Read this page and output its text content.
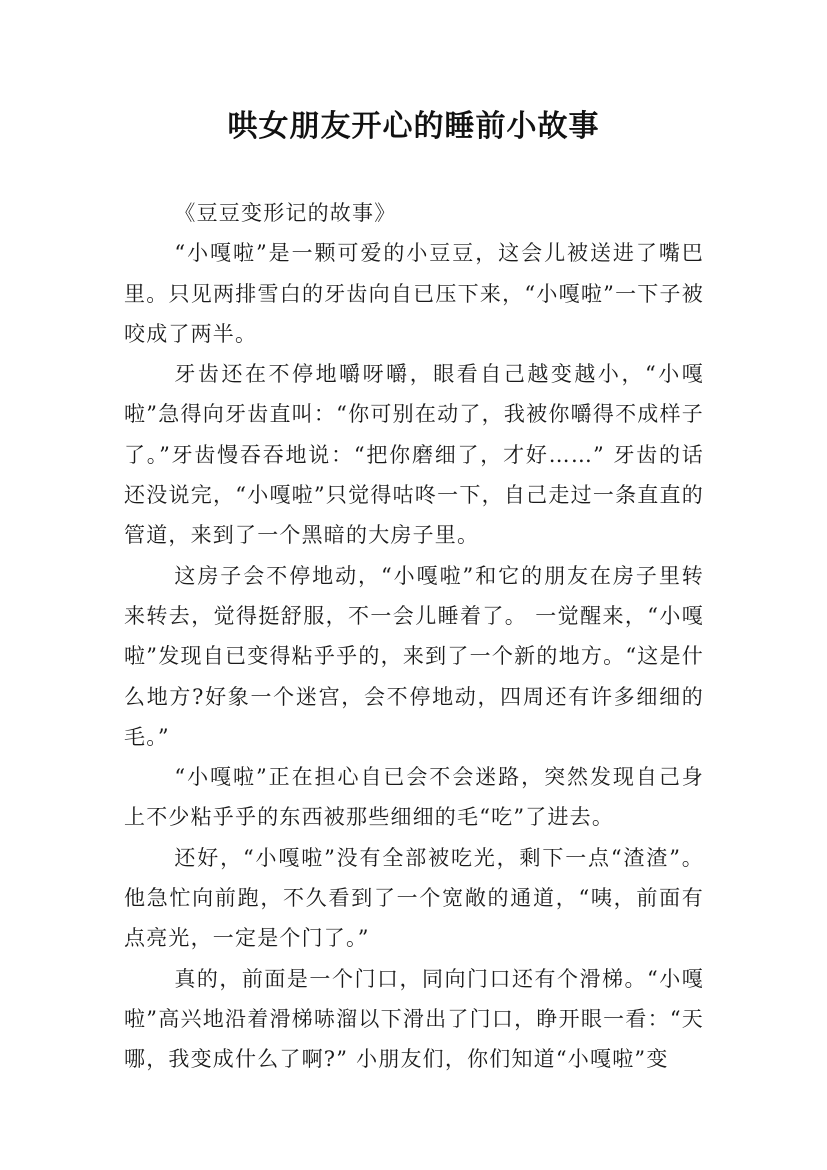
哄女朋友开心的睡前小故事

《豆豆变形记的故事》

“小嘎啦”是一颗可爱的小豆豆，这会儿被送进了嘴巴里。只见两排雪白的牙齿向自已压下来，“小嘎啦”一下子被咬成了两半。

牙齿还在不停地嚼呀嚼，眼看自己越变越小，“小嘎啦”急得向牙齿直叫：“你可别在动了，我被你嚼得不成样子了。”牙齿慢吞吞地说：“把你磨细了，才好……” 牙齿的话还没说完，“小嘎啦”只觉得咕咚一下，自己走过一条直直的管道，来到了一个黑暗的大房子里。

这房子会不停地动，“小嘎啦”和它的朋友在房子里转来转去，觉得挺舒服，不一会儿睡着了。 一觉醒来，“小嘎啦”发现自已变得粘乎乎的，来到了一个新的地方。“这是什么地方?好象一个迷宫，会不停地动，四周还有许多细细的毛。”

“小嘎啦”正在担心自已会不会迷路，突然发现自己身上不少粘乎乎的东西被那些细细的毛“吃”了进去。

还好，“小嘎啦”没有全部被吃光，剩下一点“渣渣”。他急忙向前跑，不久看到了一个宽敞的通道，“咦，前面有点亮光，一定是个门了。”

真的，前面是一个门口，同向门口还有个滑梯。“小嘎啦”高兴地沿着滑梯哧溜以下滑出了门口，睁开眼一看：“天哪，我变成什么了啊?” 小朋友们，你们知道“小嘎啦”变
